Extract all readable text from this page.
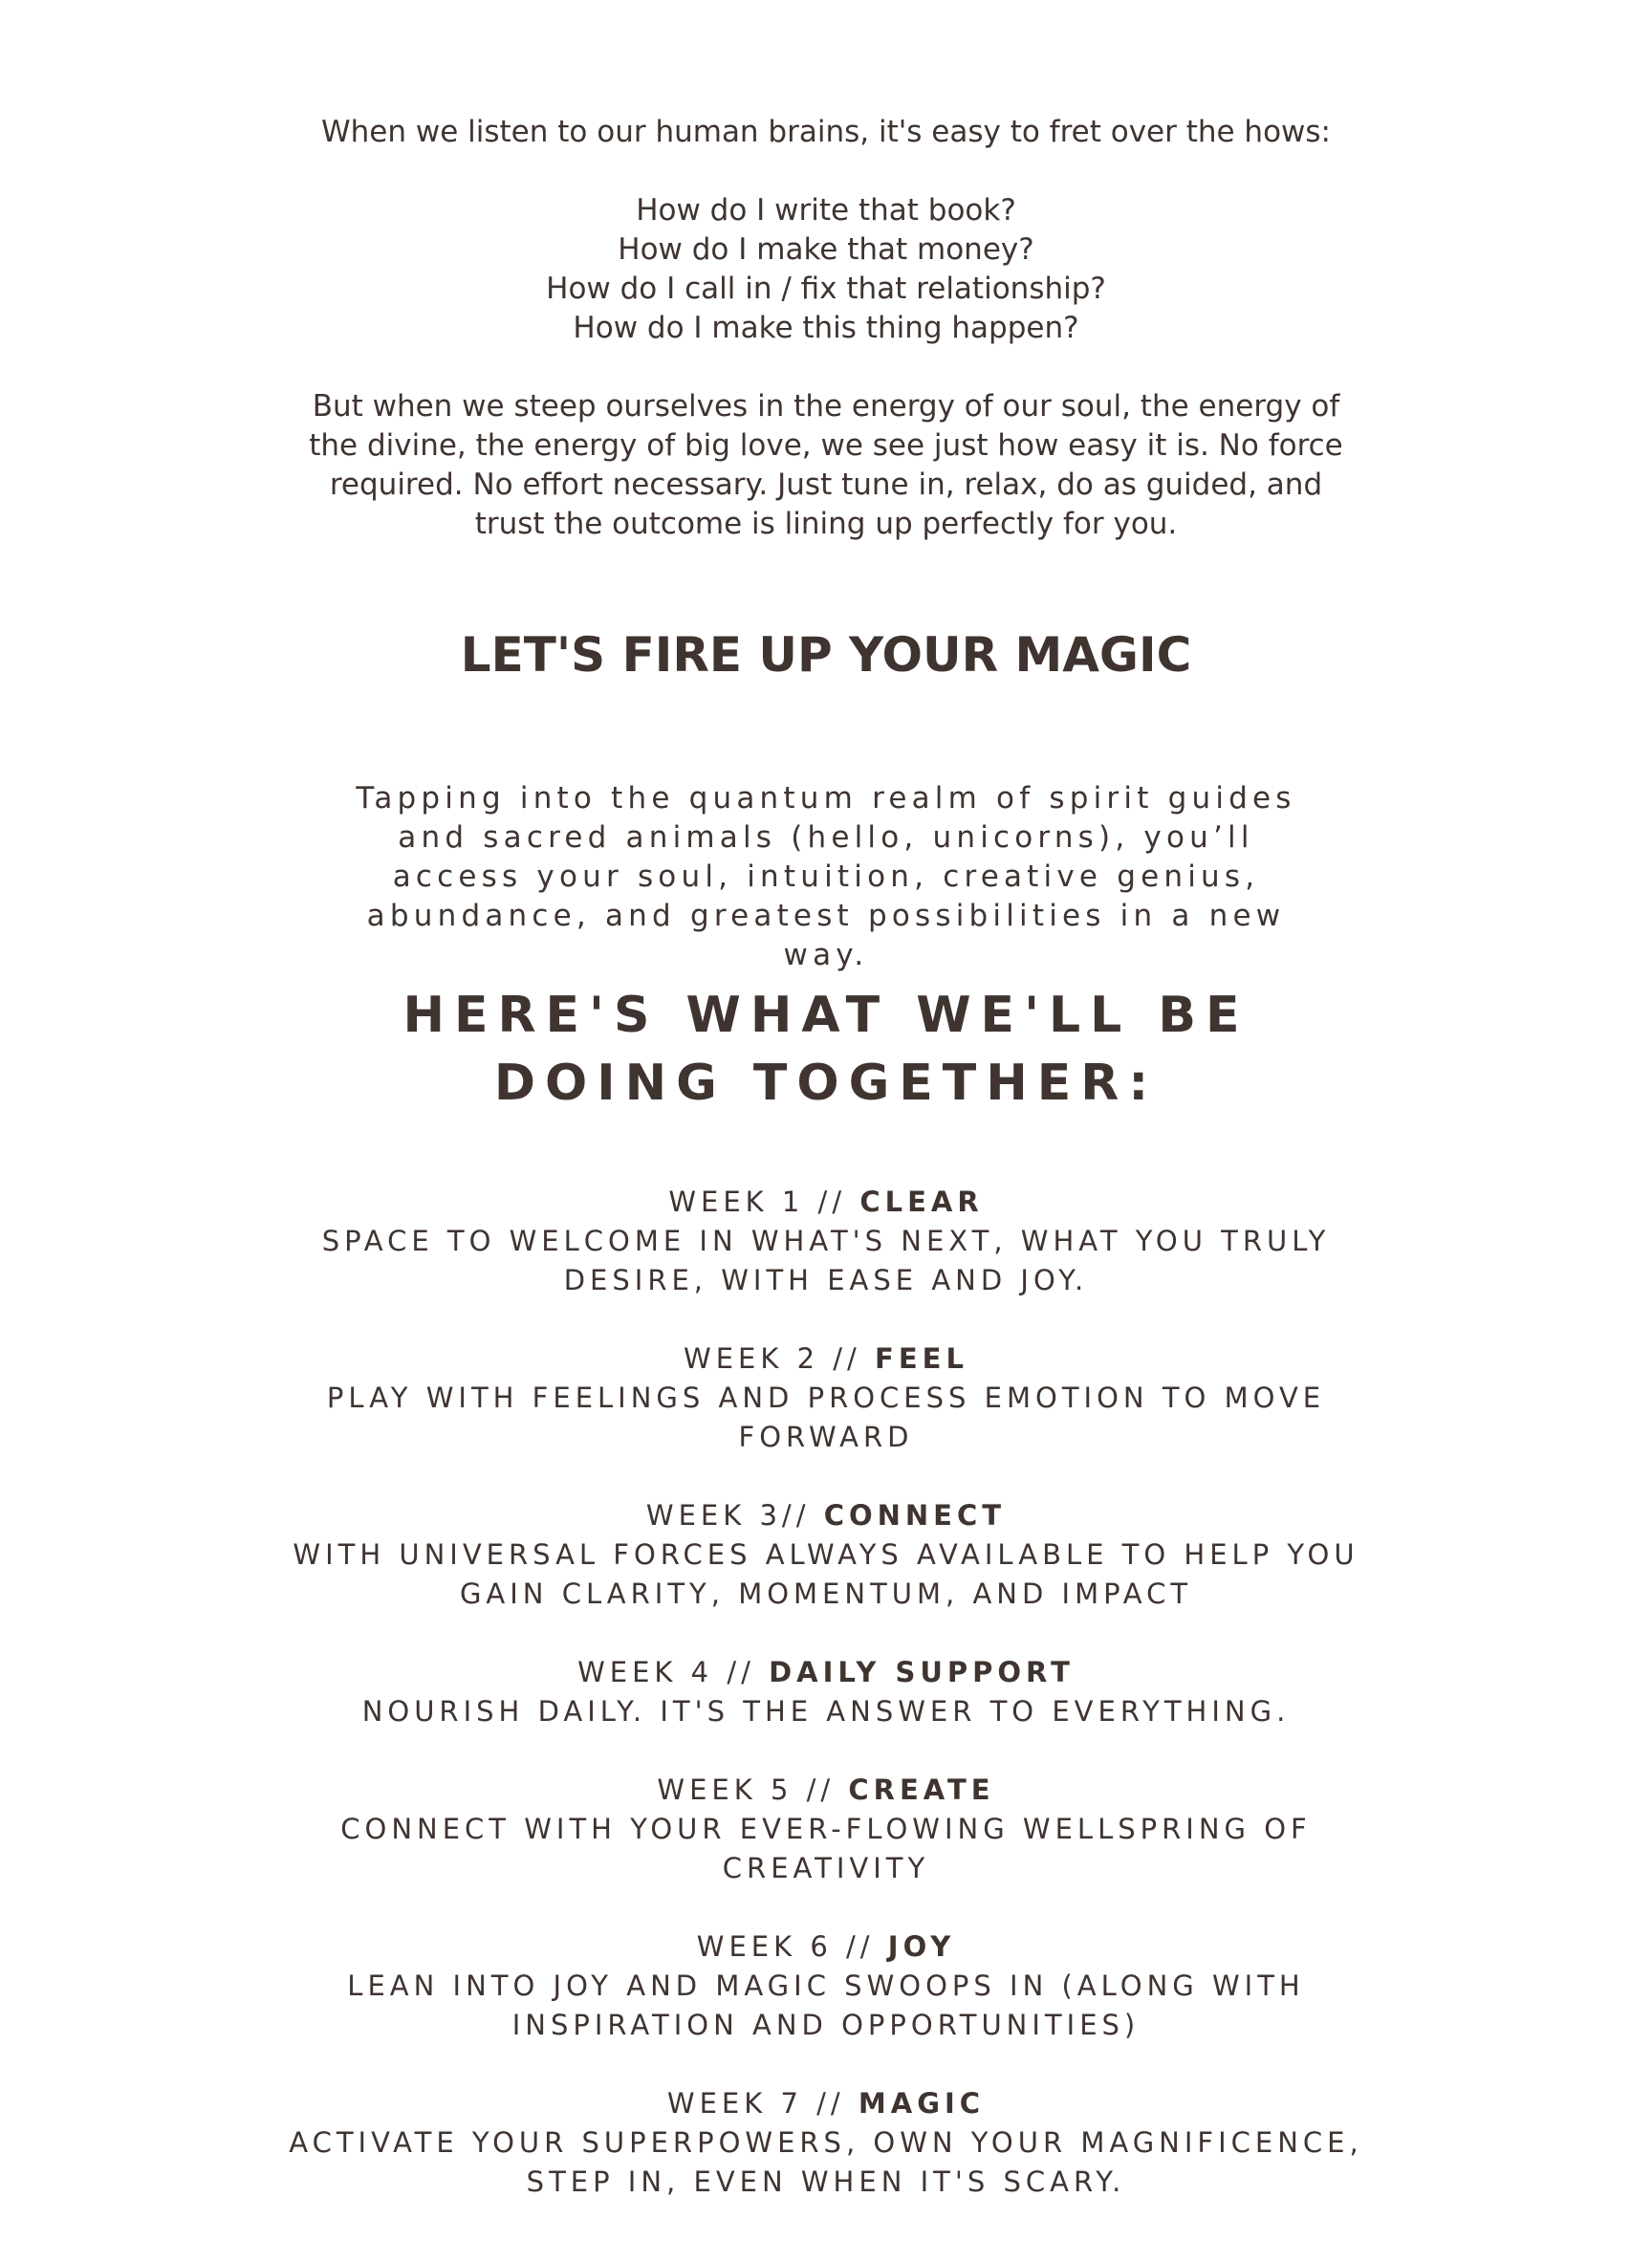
When we listen to our human brains, it's easy to fret over the hows:

How do I write that book?

How do I make that money?

How do I call in / fix that relationship?

How do I make this thing happen?

But when we steep ourselves in the energy of our soul, the energy of the divine, the energy of big love, we see just how easy it is. No force required. No effort necessary. Just tune in, relax, do as guided, and trust the outcome is lining up perfectly for you.

LET'S FIRE UP YOUR MAGIC

Tapping into the quantum realm of spirit guides and sacred animals (hello, unicorns), you’ll access your soul, intuition, creative genius, abundance, and greatest possibilities in a new way.

HERE'S WHAT WE'LL BE DOING TOGETHER:
WEEK 1 // CLEAR
SPACE TO WELCOME IN WHAT'S NEXT, WHAT YOU TRULY DESIRE, WITH EASE AND JOY.
WEEK 2 // FEEL
PLAY WITH FEELINGS AND PROCESS EMOTION TO MOVE FORWARD
WEEK 3// CONNECT
WITH UNIVERSAL FORCES ALWAYS AVAILABLE TO HELP YOU GAIN CLARITY, MOMENTUM, AND IMPACT
WEEK 4 // DAILY SUPPORT
NOURISH DAILY. IT'S THE ANSWER TO EVERYTHING.
WEEK 5 // CREATE
CONNECT WITH YOUR EVER-FLOWING WELLSPRING OF CREATIVITY
WEEK 6 // JOY
LEAN INTO JOY AND MAGIC SWOOPS IN (ALONG WITH INSPIRATION AND OPPORTUNITIES)
WEEK 7 // MAGIC
ACTIVATE YOUR SUPERPOWERS, OWN YOUR MAGNIFICENCE, STEP IN, EVEN WHEN IT'S SCARY.
